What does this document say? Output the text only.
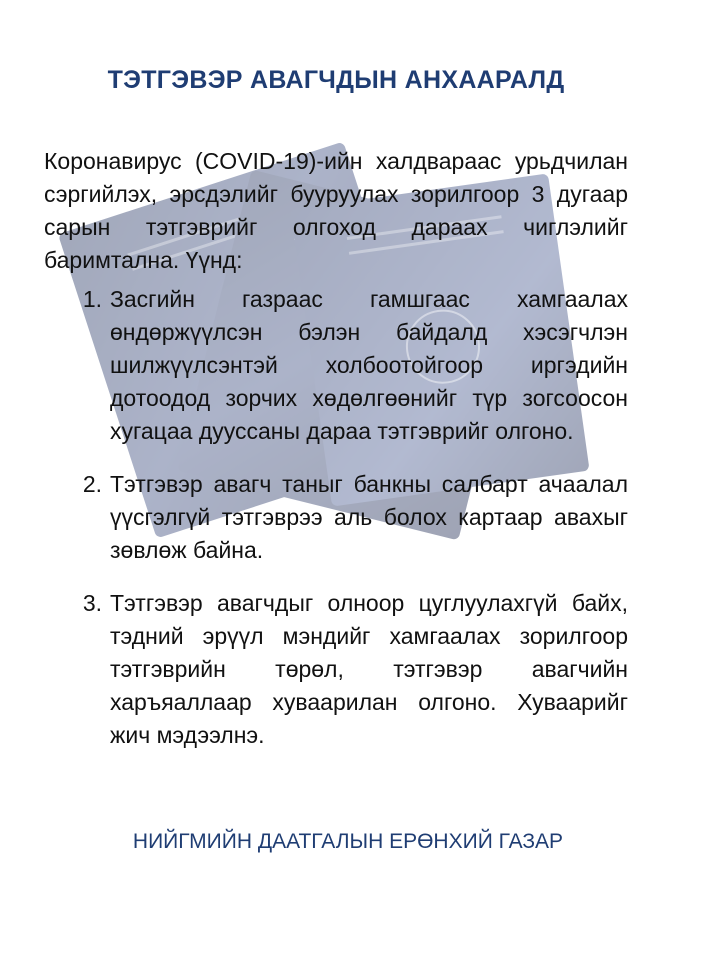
ТЭТГЭВЭР АВАГЧДЫН АНХААРАЛД

Коронавирус (COVID-19)-ийн халдвараас урьдчилан сэргийлэх, эрсдэлийг бууруулах зорилгоор 3 дугаар сарын тэтгэврийг олгоход дараах чиглэлийг баримтална. Үүнд:

1. Засгийн газраас гамшгаас хамгаалах өндөржүүлсэн бэлэн байдалд хэсэгчлэн шилжүүлсэнтэй холбоотойгоор иргэдийн дотоодод зорчих хөдөлгөөнийг түр зогсоосон хугацаа дууссаны дараа тэтгэврийг олгоно.
2. Тэтгэвэр авагч таныг банкны салбарт ачаалал үүсгэлгүй тэтгэврээ аль болох картаар авахыг зөвлөж байна.
3. Тэтгэвэр авагчдыг олноор цуглуулахгүй байх, тэдний эрүүл мэндийг хамгаалах зорилгоор тэтгэврийн төрөл, тэтгэвэр авагчийн харъяаллаар хуваарилан олгоно. Хуваарийг жич мэдээлнэ.
НИЙГМИЙН ДААТГАЛЫН ЕРӨНХИЙ ГАЗАР
